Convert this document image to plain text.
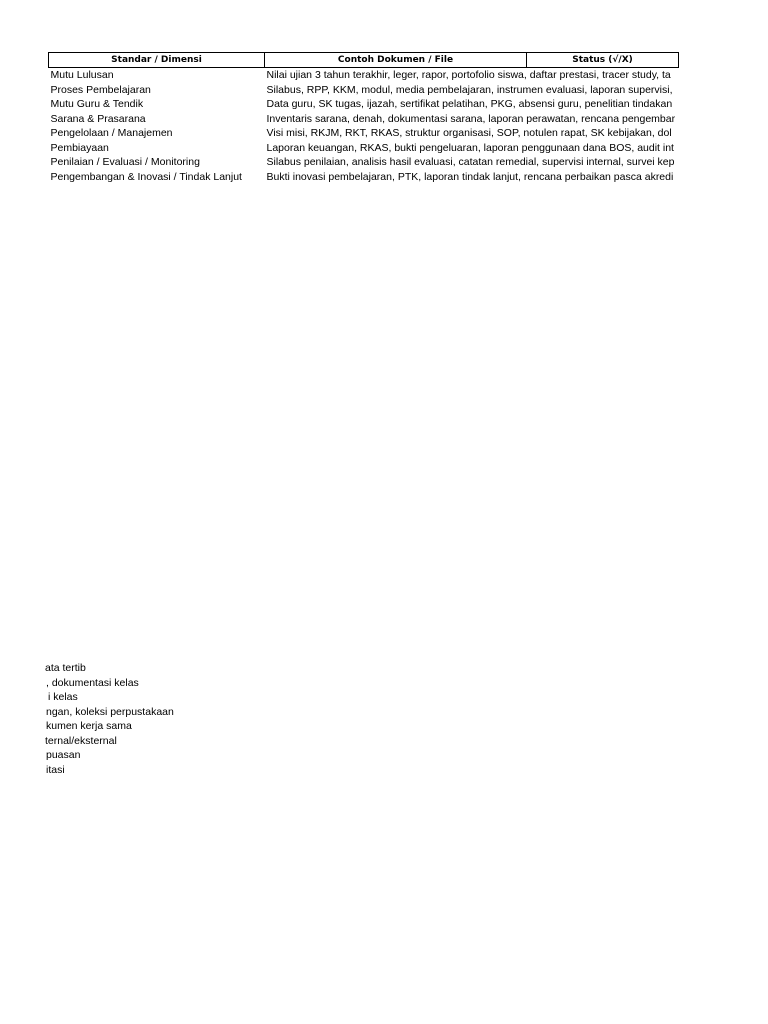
Standar / Dimensi	Contoh Dokumen / File	Status (√/X)
Mutu Lulusan	Nilai ujian 3 tahun terakhir, leger, rapor, portofolio siswa, daftar prestasi, tracer study, ta	

Proses Pembelajaran	Silabus, RPP, KKM, modul, media pembelajaran, instrumen evaluasi, laporan supervisi,	

Mutu Guru & Tendik	Data guru, SK tugas, ijazah, sertifikat pelatihan, PKG, absensi guru, penelitian tindakan	

Sarana & Prasarana	Inventaris sarana, denah, dokumentasi sarana, laporan perawatan, rencana pengembar	

Pengelolaan / Manajemen	Visi misi, RKJM, RKT, RKAS, struktur organisasi, SOP, notulen rapat, SK kebijakan, dol	

Pembiayaan	Laporan keuangan, RKAS, bukti pengeluaran, laporan penggunaan dana BOS, audit int	

Penilaian / Evaluasi / Monitoring	Silabus penilaian, analisis hasil evaluasi, catatan remedial, supervisi internal, survei kep	

Pengembangan & Inovasi / Tindak Lanjut	Bukti inovasi pembelajaran, PTK, laporan tindak lanjut, rencana perbaikan pasca akredi	
ata tertib
, dokumentasi kelas
i kelas
ngan, koleksi perpustakaan
kumen kerja sama
ternal/eksternal
puasan
itasi
